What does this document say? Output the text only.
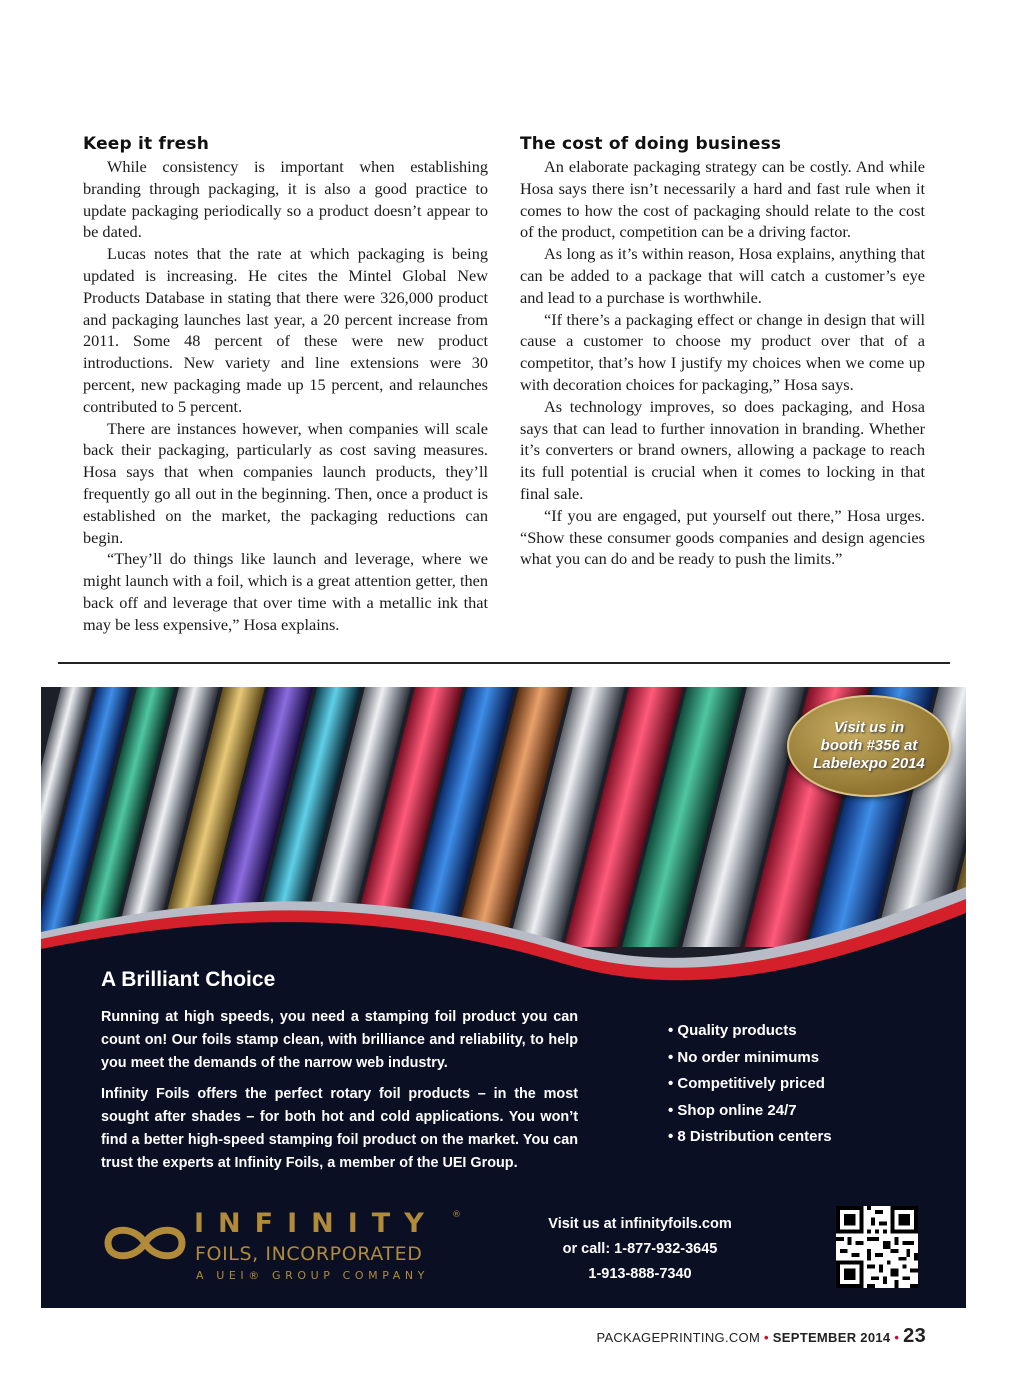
Keep it fresh

While consistency is important when establishing branding through packaging, it is also a good practice to update packaging periodically so a product doesn’t appear to be dated.

Lucas notes that the rate at which packaging is being updated is increasing. He cites the Mintel Global New Products Database in stating that there were 326,000 product and packaging launches last year, a 20 percent increase from 2011. Some 48 percent of these were new product introductions. New variety and line extensions were 30 percent, new packaging made up 15 percent, and relaunches contributed to 5 percent.

There are instances however, when companies will scale back their packaging, particularly as cost saving measures. Hosa says that when companies launch products, they’ll frequently go all out in the beginning. Then, once a product is established on the market, the packaging reductions can begin.

“They’ll do things like launch and leverage, where we might launch with a foil, which is a great attention getter, then back off and leverage that over time with a metallic ink that may be less expensive,” Hosa explains.

The cost of doing business

An elaborate packaging strategy can be costly. And while Hosa says there isn’t necessarily a hard and fast rule when it comes to how the cost of packaging should relate to the cost of the product, competition can be a driving factor.

As long as it’s within reason, Hosa explains, anything that can be added to a package that will catch a customer’s eye and lead to a purchase is worthwhile.

“If there’s a packaging effect or change in design that will cause a customer to choose my product over that of a competitor, that’s how I justify my choices when we come up with decoration choices for packaging,” Hosa says.

As technology improves, so does packaging, and Hosa says that can lead to further innovation in branding. Whether it’s converters or brand owners, allowing a package to reach its full potential is crucial when it comes to locking in that final sale.

“If you are engaged, put yourself out there,” Hosa urges. “Show these consumer goods companies and design agencies what you can do and be ready to push the limits.”

Visit us in
booth #356 at
Labelexpo 2014
A Brilliant Choice

Running at high speeds, you need a stamping foil product you can count on! Our foils stamp clean, with brilliance and reliability, to help you meet the demands of the narrow web industry.

Infinity Foils offers the perfect rotary foil products – in the most sought after shades – for both hot and cold applications. You won’t find a better high-speed stamping foil product on the market. You can trust the experts at Infinity Foils, a member of the UEI Group.

• Quality products
• No order minimums
• Competitively priced
• Shop online 24/7
• 8 Distribution centers
INFINITY ®
FOILS, INCORPORATED
A UEI® GROUP COMPANY
Visit us at infinityfoils.com
or call: 1-877-932-3645
1-913-888-7340
PACKAGEPRINTING.COM • SEPTEMBER 2014 • 23
